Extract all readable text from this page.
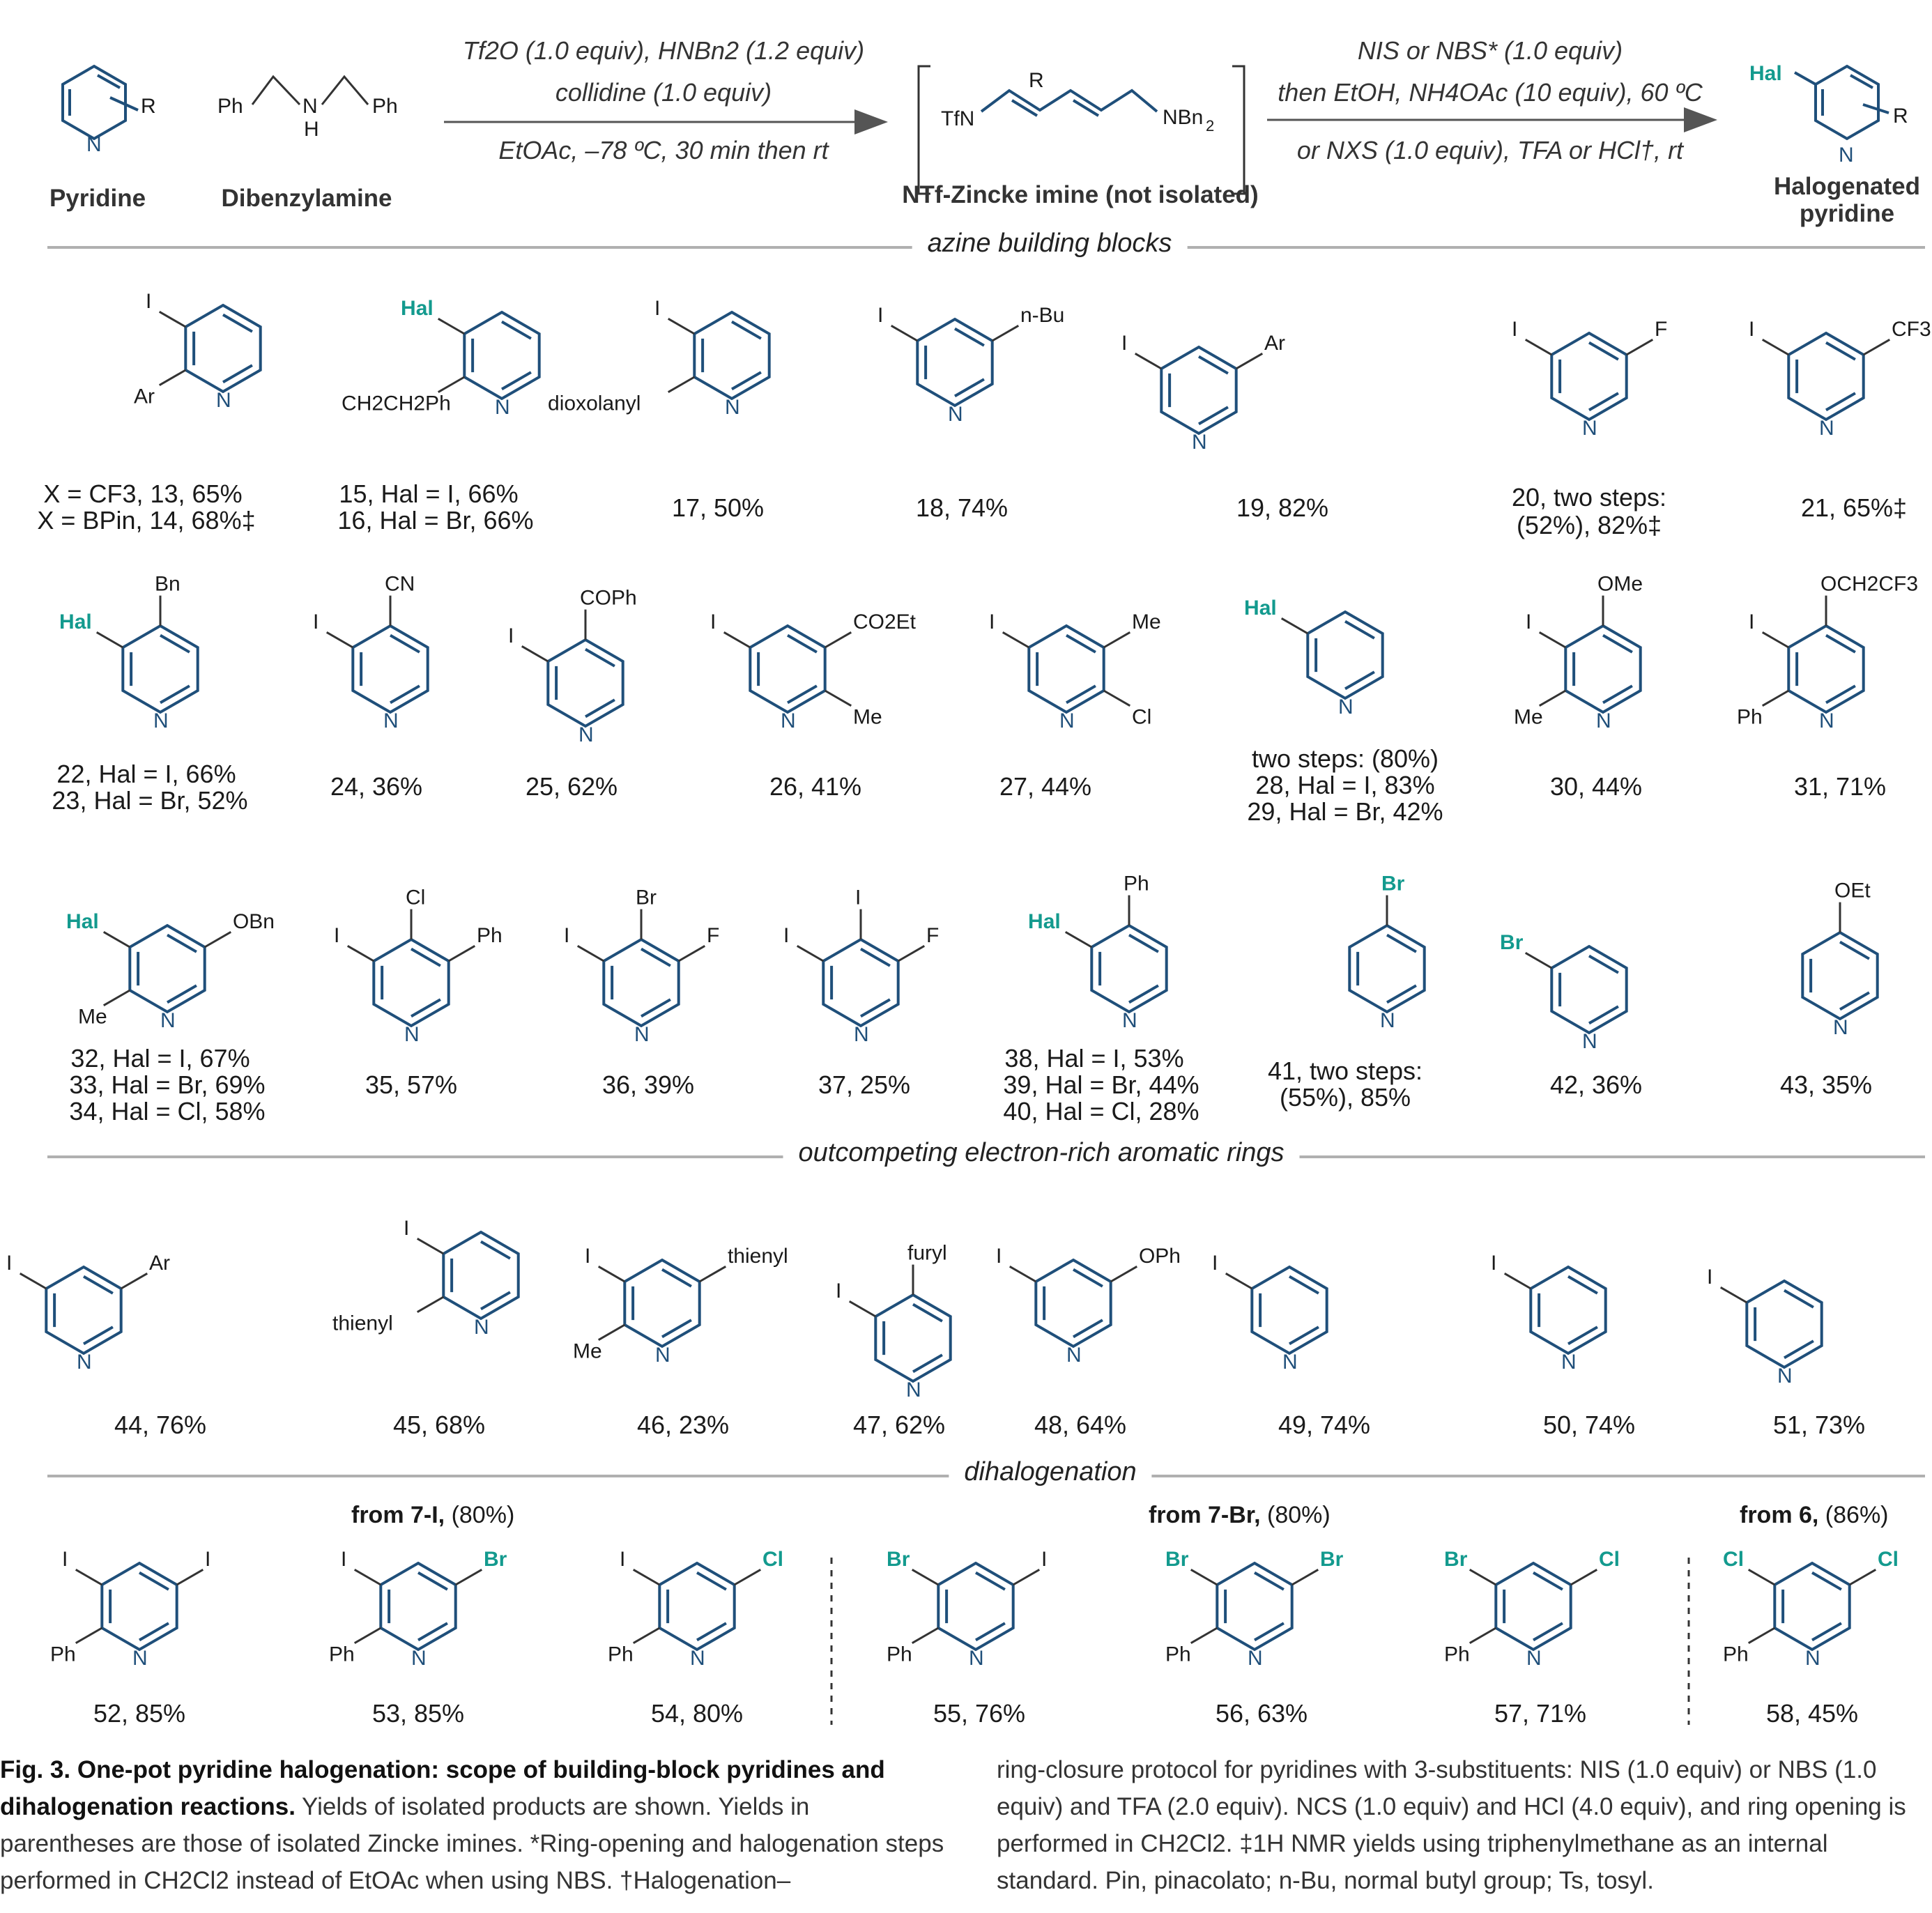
N
R	Ph	N
H
Ph
TfN
R
NBn 2
Hal
N
R
N
I
Ar	N
Hal
CH2CH2Ph	N
I
dioxolanyl	N
I	n-Bu
N
I	Ar
N
I	F
N
I	CF3
N
Bn
Hal
N
CN
I
N
COPh
I
N
I	CO2Et
Me	N
I	Me
Cl	N
Hal
N
OMe
I
Me	N
OCH2CF3
I
Ph
N
Hal	OBn
Me
N
Cl
I	Ph
N
Br
I	F
N
I
I	F
N
Ph
Hal
N
Br
N
Br
N
OEt
N
I	Ar
N
I
thienyl
N
I
Me
thienyl
N
I
furyl
N
I	OPh
N
I
N
I
N
I
N
I	I
Ph	N
I	Br
Ph	N
I	Cl
Ph	N
Br	I
Ph	N
Br	Br
Ph	N
Br	Cl
Ph	N
Cl	Cl
Ph
Tf2O (1.0 equiv), HNBn2 (1.2 equiv)
collidine (1.0 equiv)
EtOAc, –78 ºC, 30 min then rt
NIS or NBS* (1.0 equiv)
then EtOH, NH4OAc (10 equiv), 60 ºC
or NXS (1.0 equiv), TFA or HCl†, rt
Pyridine	Dibenzylamine	NTf-Zincke imine (not isolated)	Halogenated
pyridine
azine building blocks
outcompeting electron-rich aromatic rings
dihalogenation
from 7-I, (80%)	from 7-Br, (80%)	from 6, (86%)
X = CF3, 13, 65%
X = BPin, 14, 68%‡
15, Hal = I, 66%
16, Hal = Br, 66%	17, 50%	18, 74%	19, 82%	20, two steps:
(52%), 82%‡
21, 65%‡
22, Hal = I, 66%
23, Hal = Br, 52%	24, 36%	25, 62%	26, 41%	27, 44%
two steps: (80%)
28, Hal = I, 83%
29, Hal = Br, 42%
30, 44%	31, 71%
32, Hal = I, 67%
33, Hal = Br, 69%
34, Hal = Cl, 58%
35, 57%	36, 39%	37, 25%
38, Hal = I, 53%
39, Hal = Br, 44%
40, Hal = Cl, 28%
41, two steps:
(55%), 85%	42, 36%	43, 35%
44, 76%	45, 68%	46, 23%	47, 62%	48, 64%	49, 74%	50, 74%	51, 73%
52, 85%	53, 85%	54, 80%	55, 76%	56, 63%	57, 71%	58, 45%
Fig. 3. One-pot pyridine halogenation: scope of building-block pyridines and dihalogenation reactions. Yields of isolated products are shown. Yields in parentheses are those of isolated Zincke imines. *Ring-opening and halogenation steps performed in CH2Cl2 instead of EtOAc when using NBS. †Halogenation–
ring-closure protocol for pyridines with 3-substituents: NIS (1.0 equiv) or NBS (1.0 equiv) and TFA (2.0 equiv). NCS (1.0 equiv) and HCl (4.0 equiv), and ring opening is performed in CH2Cl2. ‡1H NMR yields using triphenylmethane as an internal standard. Pin, pinacolato; n-Bu, normal butyl group; Ts, tosyl.
